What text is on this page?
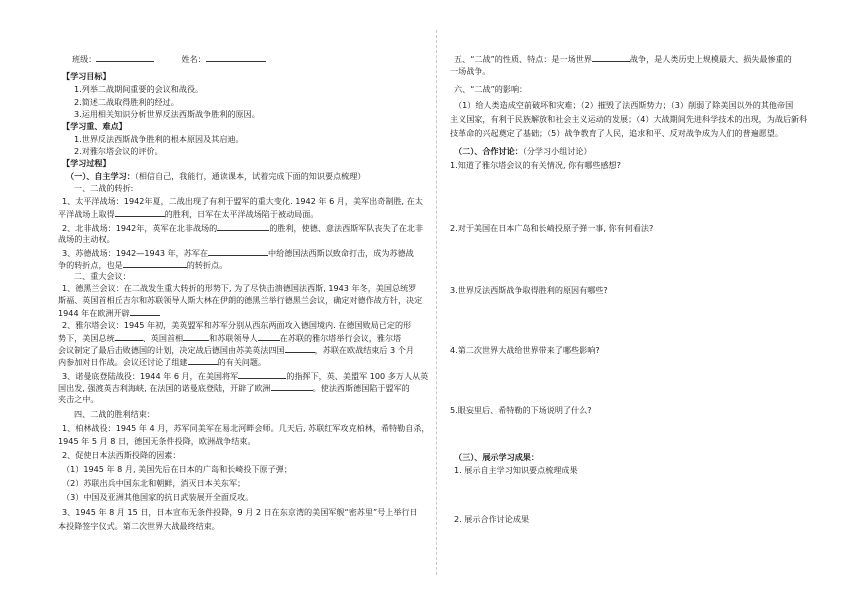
班级：	姓名：
【学习目标】
1.列举二战期间重要的会议和战役。
2.简述二战取得胜利的经过。
3.运用相关知识分析世界反法西斯战争胜利的原因。
【学习重、难点】
1.世界反法西斯战争胜利的根本原因及其启迪。
2.对雅尔塔会议的评价。
【学习过程】
（一）、自主学习：（相信自己，我能行，通读课本，试着完成下面的知识要点梳理）
一、二战的转折:
1、太平洋战场：1942年夏，二战出现了有利于盟军的重大变化. 1942 年 6 月，美军出奇制胜, 在太
平洋战场上取得	的胜利，日军在太平洋战场陷于被动局面。
2、北非战场：1942年，英军在北非战场的	的胜利，使德、意法西斯军队丧失了在北非
战场的主动权。
3、苏德战场：1942—1943 年，苏军在	中给德国法西斯以致命打击，成为苏德战
争的转折点，也是	的转折点。
二、重大会议：
1、德黑兰会议：在二战发生重大转折的形势下, 为了尽快击溃德国法西斯, 1943 年冬，美国总统罗
斯福、英国首相丘吉尔和苏联领导人斯大林在伊朗的德黑兰举行德黑兰会议，确定对德作战方针，决定
1944 年在欧洲开辟
2、雅尔塔会议：1945 年初，美英盟军和苏军分别从西东两面攻入德国境内. 在德国败局已定的形
势下，美国总统	、英国首相	和苏联领导人	在苏联的雅尔塔举行会议，雅尔塔
会议制定了最后击败德国的计划，决定战后德国由苏美英法四国	，苏联在欧战结束后 3 个月
内参加对日作战。会议还讨论了组建	的有关问题。
3、诺曼底登陆战役：1944 年 6 月，在美国将军	的指挥下，英、美盟军 100 多万人从英
国出发, 强渡英吉利海峡, 在法国的诺曼底登陆，开辟了欧洲	。使法西斯德国陷于盟军的
夹击之中。
四、二战的胜利结束：
1、柏林战役：1945 年 4 月，苏军同美军在易北河畔会师。几天后, 苏联红军攻克柏林，希特勒自杀，
1945 年 5 月 8 日，德国无条件投降，欧洲战争结束。
2、促使日本法西斯投降的因素：
（1）1945 年 8 月, 美国先后在日本的广岛和长崎投下原子弹；
（2）苏联出兵中国东北和朝鲜，消灭日本关东军；
（3）中国及亚洲其他国家的抗日武装展开全面反攻。
3、1945 年 8 月 15 日，日本宣布无条件投降，9 月 2 日在东京湾的美国军舰“密苏里”号上举行日
本投降签字仪式。第二次世界大战最终结束。
五、“二战”的性质、特点：是一场世界	战争，是人类历史上规模最大、损失最惨重的
一场战争。
六、“二战”的影响：
（1）给人类造成空前破坏和灾难；（2）摧毁了法西斯势力；（3）削弱了除美国以外的其他帝国
主义国家，有利于民族解放和社会主义运动的发展；（4）大战期间先进科学技术的出现，为战后新科
技革命的兴起奠定了基础；（5）战争教育了人民，追求和平、反对战争成为人们的普遍愿望。
（二）、合作讨论：（分学习小组讨论）
1.知道了雅尔塔会议的有关情况, 你有哪些感想?
2.对于美国在日本广岛和长崎投原子弹一事, 你有何看法?
3.世界反法西斯战争取得胜利的原因有哪些?
4.第二次世界大战给世界带来了哪些影响?
5.眼妄里后、希特勒的下场说明了什么?
（三）、展示学习成果：
1. 展示自主学习知识要点梳理成果
2. 展示合作讨论成果
